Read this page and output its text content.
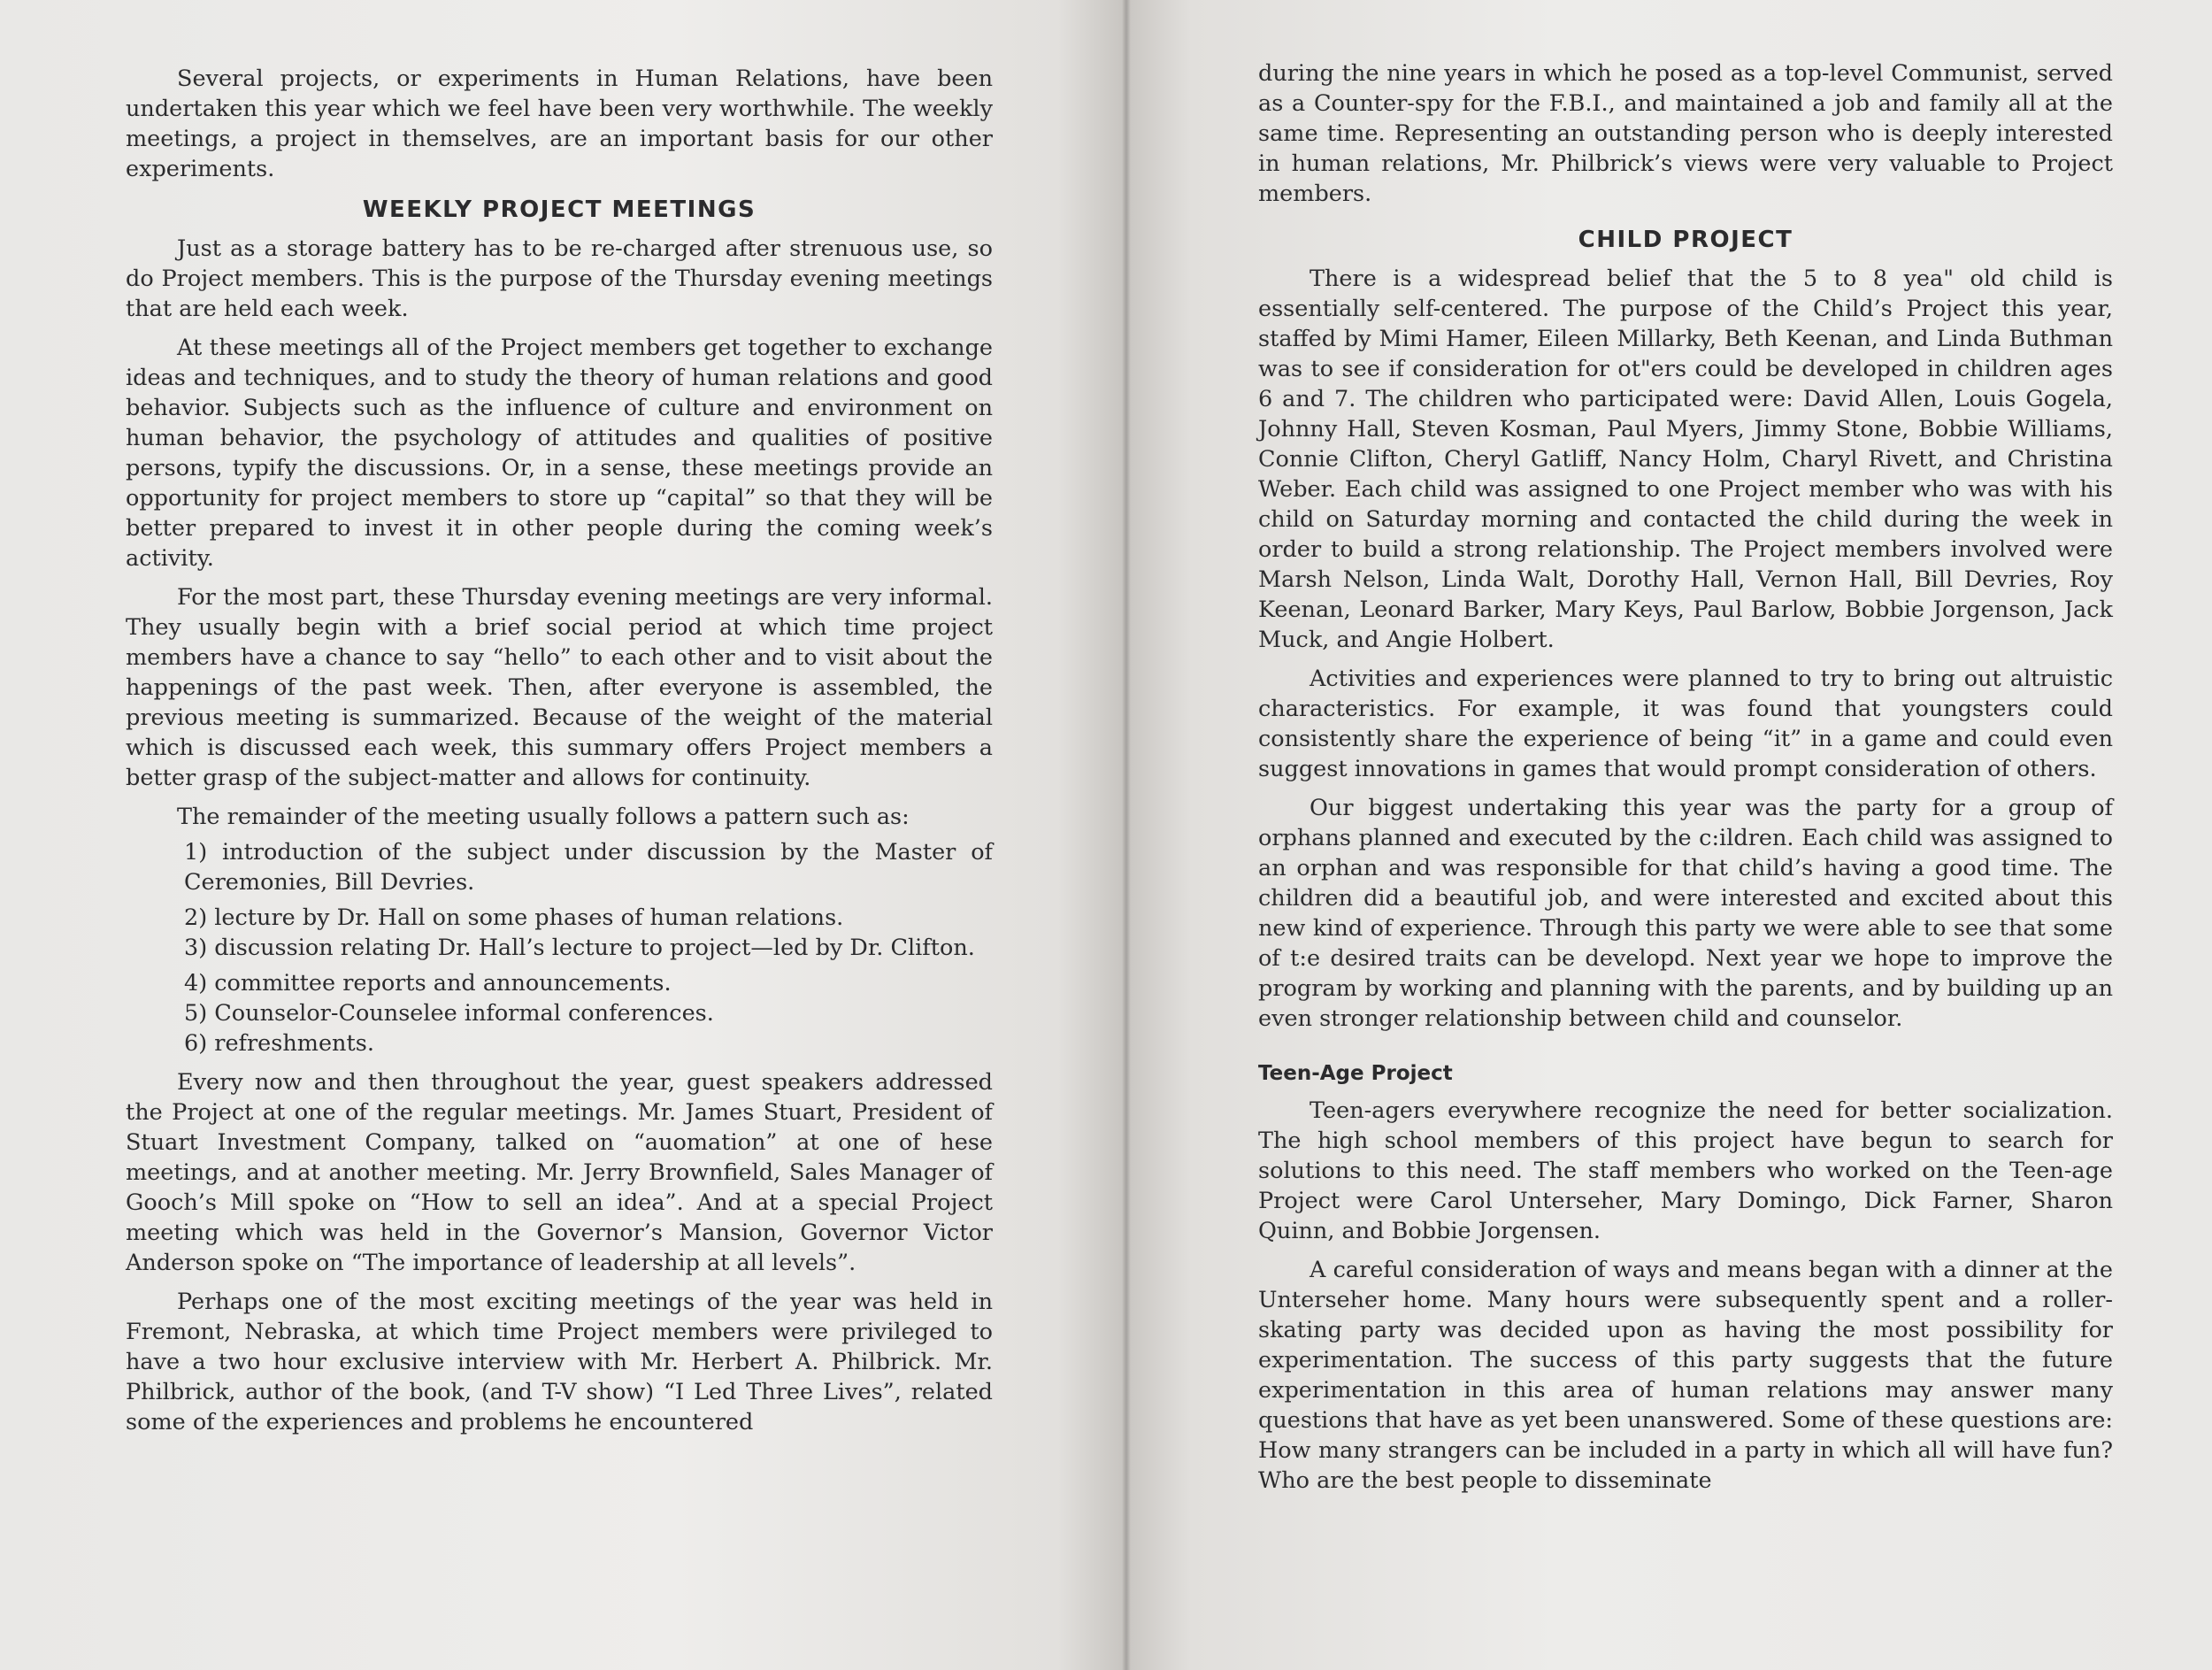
Several projects, or experiments in Human Relations, have been undertaken this year which we feel have been very worthwhile. The weekly meetings, a project in themselves, are an important basis for our other experiments.

WEEKLY PROJECT MEETINGS

Just as a storage battery has to be re-charged after strenuous use, so do Project members. This is the purpose of the Thursday evening meetings that are held each week.

At these meetings all of the Project members get together to exchange ideas and techniques, and to study the theory of human relations and good behavior. Subjects such as the influence of culture and environment on human behavior, the psychology of attitudes and qualities of positive persons, typify the discussions. Or, in a sense, these meetings provide an opportunity for project members to store up “capital” so that they will be better prepared to invest it in other people during the coming week’s activity.

For the most part, these Thursday evening meetings are very informal. They usually begin with a brief social period at which time project members have a chance to say “hello” to each other and to visit about the happenings of the past week. Then, after everyone is assembled, the previous meeting is summarized. Because of the weight of the material which is discussed each week, this summary offers Project members a better grasp of the subject-matter and allows for continuity.

The remainder of the meeting usually follows a pattern such as:

1) introduction of the subject under discussion by the Master of Ceremonies, Bill Devries.
2) lecture by Dr. Hall on some phases of human relations.
3) discussion relating Dr. Hall’s lecture to project—led by Dr. Clifton.
4) committee reports and announcements.
5) Counselor-Counselee informal conferences.
6) refreshments.

Every now and then throughout the year, guest speakers addressed the Project at one of the regular meetings. Mr. James Stuart, President of Stuart Investment Company, talked on “auomation” at one of hese meetings, and at another meeting. Mr. Jerry Brownfield, Sales Manager of Gooch’s Mill spoke on “How to sell an idea”. And at a special Project meeting which was held in the Governor’s Mansion, Governor Victor Anderson spoke on “The importance of leadership at all levels”.

Perhaps one of the most exciting meetings of the year was held in Fremont, Nebraska, at which time Project members were privileged to have a two hour exclusive interview with Mr. Herbert A. Philbrick. Mr. Philbrick, author of the book, (and T-V show) “I Led Three Lives”, related some of the experiences and problems he encountered

during the nine years in which he posed as a top-level Communist, served as a Counter-spy for the F.B.I., and maintained a job and family all at the same time. Representing an outstanding person who is deeply interested in human relations, Mr. Philbrick’s views were very valuable to Project members.

CHILD PROJECT

There is a widespread belief that the 5 to 8 yea" old child is essentially self-centered. The purpose of the Child’s Project this year, staffed by Mimi Hamer, Eileen Millarky, Beth Keenan, and Linda Buthman was to see if consideration for ot"ers could be developed in children ages 6 and 7. The children who participated were: David Allen, Louis Gogela, Johnny Hall, Steven Kosman, Paul Myers, Jimmy Stone, Bobbie Williams, Connie Clifton, Cheryl Gatliff, Nancy Holm, Charyl Rivett, and Christina Weber. Each child was assigned to one Project member who was with his child on Saturday morning and contacted the child during the week in order to build a strong relationship. The Project members involved were Marsh Nelson, Linda Walt, Dorothy Hall, Vernon Hall, Bill Devries, Roy Keenan, Leonard Barker, Mary Keys, Paul Barlow, Bobbie Jorgenson, Jack Muck, and Angie Holbert.

Activities and experiences were planned to try to bring out altruistic characteristics. For example, it was found that youngsters could consistently share the experience of being “it” in a game and could even suggest innovations in games that would prompt consideration of others.

Our biggest undertaking this year was the party for a group of orphans planned and executed by the c:ildren. Each child was assigned to an orphan and was responsible for that child’s having a good time. The children did a beautiful job, and were interested and excited about this new kind of experience. Through this party we were able to see that some of t:e desired traits can be developd. Next year we hope to improve the program by working and planning with the parents, and by building up an even stronger relationship between child and counselor.

Teen-Age Project

Teen-agers everywhere recognize the need for better socialization. The high school members of this project have begun to search for solutions to this need. The staff members who worked on the Teen-age Project were Carol Unterseher, Mary Domingo, Dick Farner, Sharon Quinn, and Bobbie Jorgensen.

A careful consideration of ways and means began with a dinner at the Unterseher home. Many hours were subsequently spent and a roller-skating party was decided upon as having the most possibility for experimentation. The success of this party suggests that the future experimentation in this area of human relations may answer many questions that have as yet been unanswered. Some of these questions are: How many strangers can be included in a party in which all will have fun? Who are the best people to disseminate
